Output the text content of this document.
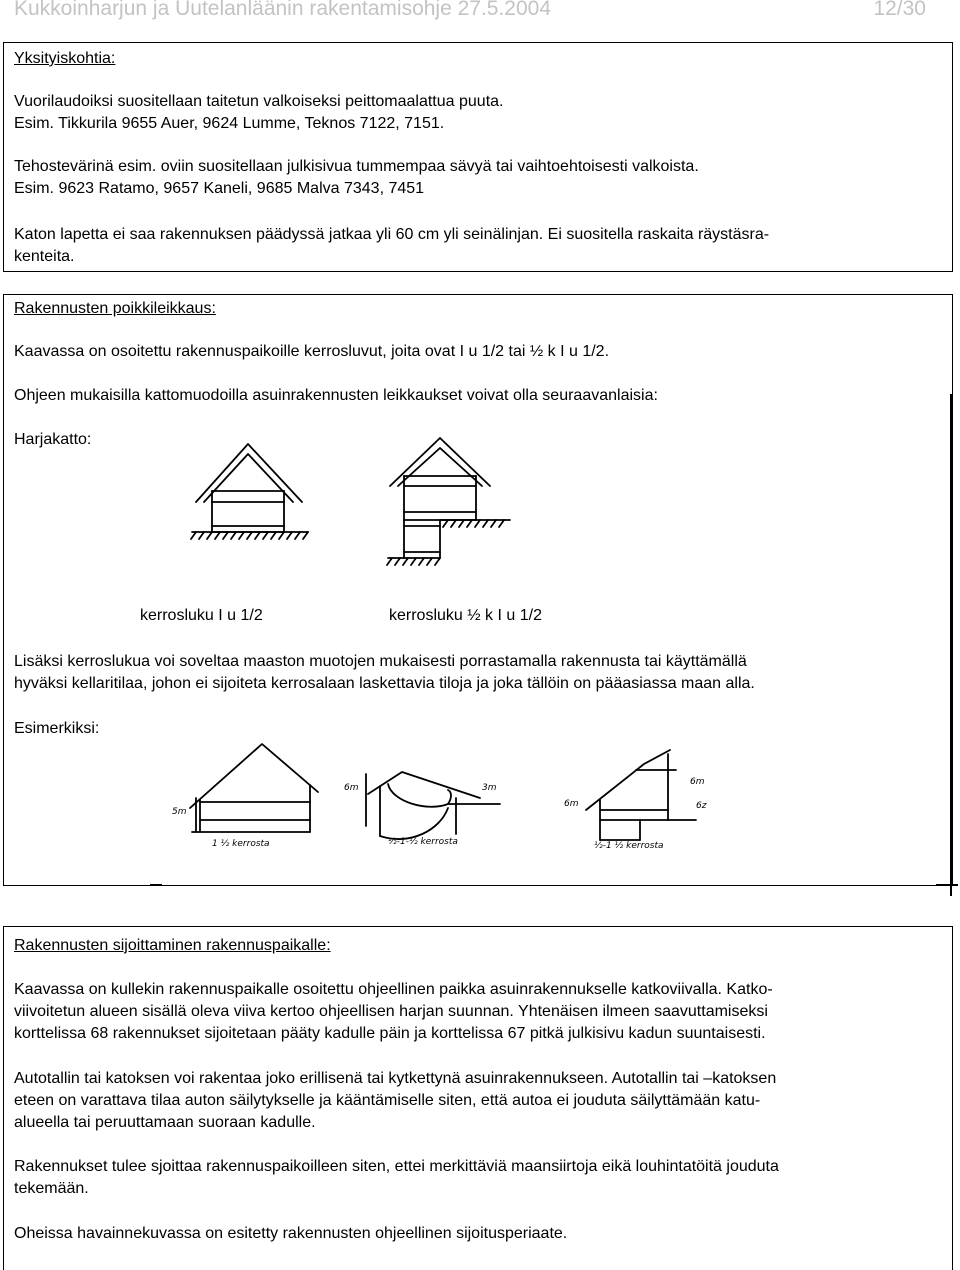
Kukkoinharjun ja Uutelanläänin rakentamisohje 27.5.2004	12/30
Yksityiskohtia:
Vuorilaudoiksi suositellaan taitetun valkoiseksi peittomaalattua puuta.
Esim. Tikkurila 9655 Auer, 9624 Lumme, Teknos 7122, 7151.
Tehostevärinä esim. oviin suositellaan julkisivua tummempaa sävyä tai vaihtoehtoisesti valkoista.
Esim. 9623 Ratamo, 9657 Kaneli, 9685 Malva 7343, 7451
Katon lapetta ei saa rakennuksen päädyssä jatkaa yli 60 cm yli seinälinjan. Ei suositella raskaita räystäsra-
kenteita.
Rakennusten poikkileikkaus:
Kaavassa on osoitettu rakennuspaikoille kerrosluvut, joita ovat I u 1/2 tai ½ k I u 1/2.
Ohjeen mukaisilla kattomuodoilla asuinrakennusten leikkaukset voivat olla seuraavanlaisia:
Harjakatto:
kerrosluku I u 1/2	kerrosluku ½ k I u 1/2
Lisäksi kerroslukua voi soveltaa maaston muotojen mukaisesti porrastamalla rakennusta tai käyttämällä
hyväksi kellaritilaa, johon ei sijoiteta kerrosalaan laskettavia tiloja ja joka tällöin on pääasiassa maan alla.
Esimerkiksi:
5m
1 ½ kerrosta
6m	3m
½-1-½ kerrosta
6m
6m
6z
½-1 ½ kerrosta
Rakennusten sijoittaminen rakennuspaikalle:
Kaavassa on kullekin rakennuspaikalle osoitettu ohjeellinen paikka asuinrakennukselle katkoviivalla. Katko-
viivoitetun alueen sisällä oleva viiva kertoo ohjeellisen harjan suunnan. Yhtenäisen ilmeen saavuttamiseksi
korttelissa 68 rakennukset sijoitetaan pääty kadulle päin ja korttelissa 67 pitkä julkisivu kadun suuntaisesti.
Autotallin tai katoksen voi rakentaa joko erillisenä tai kytkettynä asuinrakennukseen. Autotallin tai –katoksen
eteen on varattava tilaa auton säilytykselle ja kääntämiselle siten, että autoa ei jouduta säilyttämään katu-
alueella tai peruuttamaan suoraan kadulle.
Rakennukset tulee sjoittaa rakennuspaikoilleen siten, ettei merkittäviä maansiirtoja eikä louhintatöitä jouduta
tekemään.
Oheissa havainnekuvassa on esitetty rakennusten ohjeellinen sijoitusperiaate.
